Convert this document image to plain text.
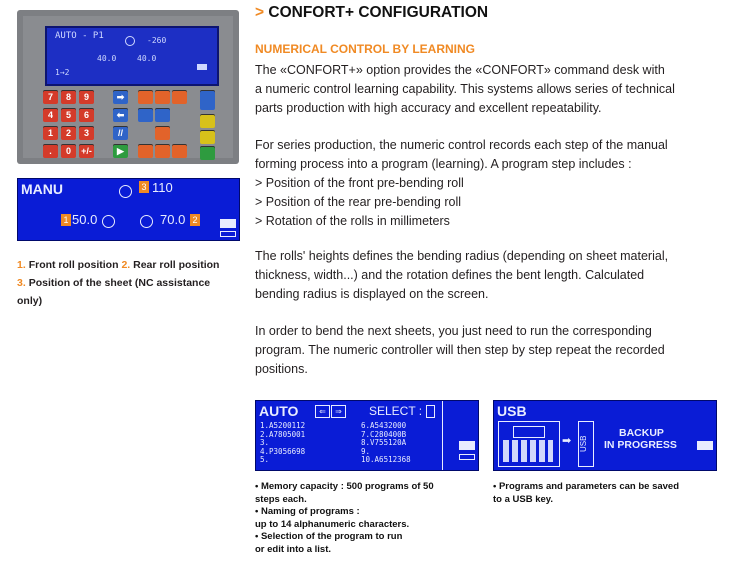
AUTO - P1	-260
40.0	40.0
1→2
7	8	9
4	5	6
1	2	3
.	0	+/-
➡
⬅
//
▶
MANU	3 110
1 50.0	70.0 2
1. Front roll position 2. Rear roll position
3. Position of the sheet (NC assistance
only)
> CONFORT+ CONFIGURATION
NUMERICAL CONTROL BY LEARNING
The «CONFORT+» option provides the «CONFORT» command desk with
a numeric control learning capability. This systems allows series of technical
parts production with high accuracy and excellent repeatability.
For series production, the numeric control records each step of the manual
forming process into a program (learning). A program step includes :
> Position of the front pre-bending roll
> Position of the rear pre-bending roll
> Rotation of the rolls in millimeters
The rolls' heights defines the bending radius (depending on sheet material,
thickness, width...) and the rotation defines the bent length. Calculated
bending radius is displayed on the screen.
In order to bend the next sheets, you just need to run the corresponding
program. The numeric controller will then step by step repeat the recorded
positions.
AUTO	⇐	⇒	SELECT :
1.A5200112
2.A7805001
3.
4.P3056698
5.
6.A5432000
7.C280400B
8.V755120A
9.
10.A6512368
USB
➡ USB
BACKUP
IN PROGRESS
• Memory capacity : 500 programs of 50
steps each.
• Naming of programs :
up to 14 alphanumeric characters.
• Selection of the program to run
or edit into a list.
• Programs and parameters can be saved
to a USB key.
